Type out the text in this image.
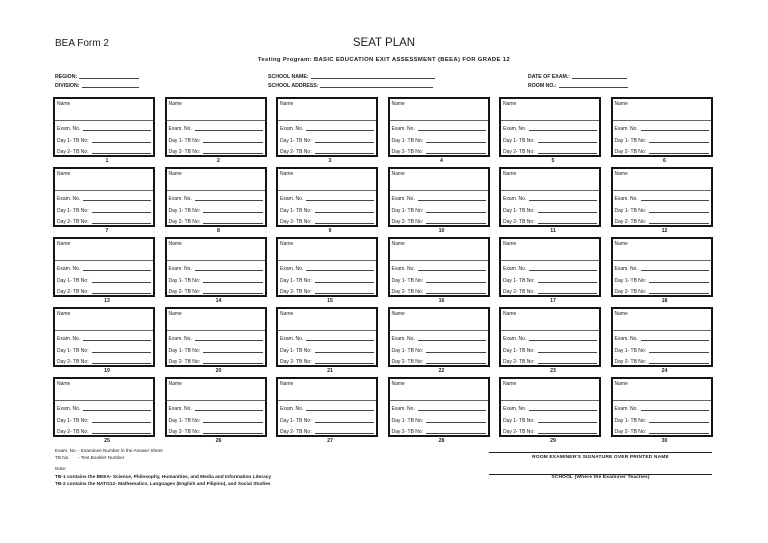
BEA Form 2	SEAT PLAN
Testing Program: BASIC EDUCATION EXIT ASSESSMENT (BEEA) FOR GRADE 12
REGION:
DIVISION:
SCHOOL NAME:
SCHOOL ADDRESS:
DATE OF EXAM.:
ROOM NO.:
Name
Exam. No.
Day 1- TB No:
Day 2- TB No:
1
Name
Exam. No.
Day 1- TB No:
Day 2- TB No:
2
Name
Exam. No.
Day 1- TB No:
Day 2- TB No:
3
Name
Exam. No.
Day 1- TB No:
Day 2- TB No:
4
Name
Exam. No.
Day 1- TB No:
Day 2- TB No:
5
Name
Exam. No.
Day 1- TB No:
Day 2- TB No:
6
Name
Exam. No.
Day 1- TB No:
Day 2- TB No:
7
Name
Exam. No.
Day 1- TB No:
Day 2- TB No:
8
Name
Exam. No.
Day 1- TB No:
Day 2- TB No:
9
Name
Exam. No.
Day 1- TB No:
Day 2- TB No:
10
Name
Exam. No.
Day 1- TB No:
Day 2- TB No:
11
Name
Exam. No.
Day 1- TB No:
Day 2- TB No:
12
Name
Exam. No.
Day 1- TB No:
Day 2- TB No:
13
Name
Exam. No.
Day 1- TB No:
Day 2- TB No:
14
Name
Exam. No.
Day 1- TB No:
Day 2- TB No:
15
Name
Exam. No.
Day 1- TB No:
Day 2- TB No:
16
Name
Exam. No.
Day 1- TB No:
Day 2- TB No:
17
Name
Exam. No.
Day 1- TB No:
Day 2- TB No:
18
Name
Exam. No.
Day 1- TB No:
Day 2- TB No:
19
Name
Exam. No.
Day 1- TB No:
Day 2- TB No:
20
Name
Exam. No.
Day 1- TB No:
Day 2- TB No:
21
Name
Exam. No.
Day 1- TB No:
Day 2- TB No:
22
Name
Exam. No.
Day 1- TB No:
Day 2- TB No:
23
Name
Exam. No.
Day 1- TB No:
Day 2- TB No:
24
Name
Exam. No.
Day 1- TB No:
Day 2- TB No:
25
Name
Exam. No.
Day 1- TB No:
Day 2- TB No:
26
Name
Exam. No.
Day 1- TB No:
Day 2- TB No:
27
Name
Exam. No.
Day 1- TB No:
Day 2- TB No:
28
Name
Exam. No.
Day 1- TB No:
Day 2- TB No:
29
Name
Exam. No.
Day 1- TB No:
Day 2- TB No:
30
Exam. No. - Examinee Number in the Answer Sheet
TB No.	- Test Booklet Number
Note:
TB-1 contains the BEEA- Science, Philosophy, Humanities, and Media and Information Literacy
TB-2 contains the NATG12- Mathematics, Languages (English and Filipino), and Social Studies
ROOM EXAMINER'S SIGNATURE OVER PRINTED NAME
SCHOOL (Where the Examiner Teaches)
